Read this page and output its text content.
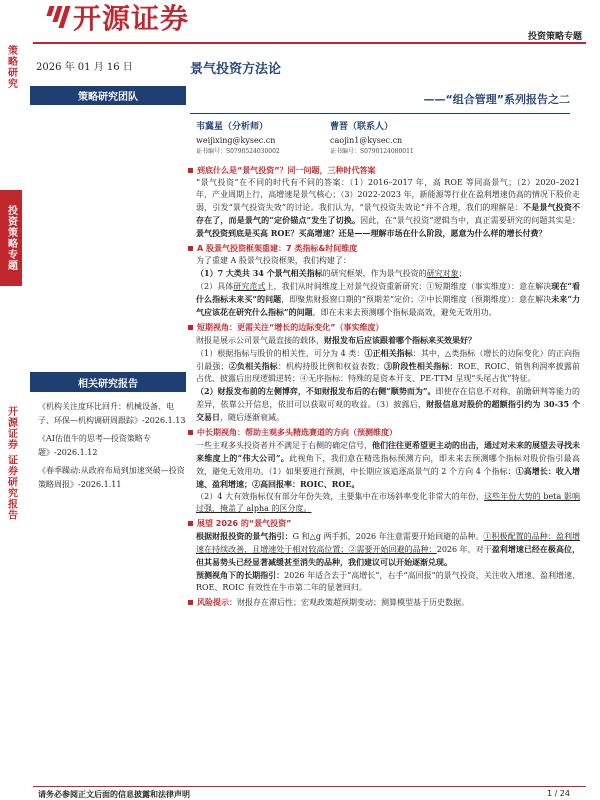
开源证券
投资策略专题
策略研究
投资策略专题
开源证券 证券研究报告
2026 年 01 月 16 日
策略研究团队
相关研究报告
《机构关注度环比回升：机械设备、电子、环保—机构调研周跟踪》-2026.1.13
《AI估值牛的思考—投资策略专题》-2026.1.12
《春季躁动:从政府布局到加速突破—投资策略周报》-2026.1.11
景气投资方法论
——“组合管理”系列报告之二
韦冀星（分析师）
weijixing@kysec.cn
证书编号：S0790524030002
曹晋（联系人）
caojin1@kysec.cn
证书编号：S0790124080011
到底什么是“景气投资”？同一问题，三种时代答案
“景气投资”在不同的时代有不同的答案：（1）2016–2017 年，高 ROE 等同高景气；（2）2020–2021 年，产业周期上行，高增速是景气核心；（3）2022-2023 年，新能源等行业在盈利增速仍高的情况下股价走弱，引发“景气投资失效”的讨论。我们认为，“景气投资失效论”并不合理，我们的理解是：不是景气投资不存在了，而是景气的“定价锚点”发生了切换。因此，在“景气投资”逻辑当中，真正需要研究的问题其实是：景气投资到底是买高 ROE？买高增速？还是——理解市场在什么阶段，愿意为什么样的增长付费？
A 股景气投资框架重建：7 类指标&时间维度
为了重建 A 股景气投资框架，我们构建了：
（1）7 大类共 34 个景气相关指标的研究框架，作为景气投资的研究对象；
（2）具体研究范式上，我们从时间维度上对景气投资重新研究：①短期维度（事实维度）：意在解决现在“看什么指标未来买”的问题，即聚焦财报窗口期的“预期差”定价；②中长期维度（预期维度）：意在解决未来“力气应该花在研究什么指标”的问题，即在未来去预测哪个指标最高效，避免无效用功。
短期视角：更需关注“增长的边际变化”（事实维度）
财报是展示公司景气最直接的载体，财报发布后应该跟着哪个指标来买效果好？
（1）根据指标与股价的相关性，可分为 4 类：①正相关指标：其中，△类指标（增长的边际变化）的正向指引最强；②负相关指标：机构持股比例和权益表数；③阶段性相关指标：ROE、ROIC、销售利润率披露前占优、披露后出现逻辑逆转；④无序指标：特殊的是资本开支、PE-TTM 呈现“头尾占优”特征。
（2）财报发布前的左侧博弈，不如财报发布后的右侧“顺势而为”。即使存在信息不对称，前瞻研判等能力的差异，依靠公开信息，依旧可以获取可观的收益。（3）披露后，财报信息对股价的超额指引约为 30-35 个交易日，随后逐渐衰减。
中长期视角：帮助主观多头精选赛道的方向（预测维度）
一些主观多头投资者并不满足于右侧的确定信号，他们往往更希望更主动的出击，通过对未来的展望去寻找未来维度上的“伟大公司”。此视角下，我们意在精选指标预测方向，即未来去预测哪个指标对股价指引最高效，避免无效用功。（1）如果要进行预测，中长期应该追逐高景气的 2 个方向 4 个指标：①高增长：收入增速、盈利增速；②高回报率：ROIC、ROE。
（2）4 大有效指标仅有部分年份失效，主要集中在市场斜率变化非常大的年份，这些年份大势的 beta 影响过强，掩盖了 alpha 的区分度。
展望 2026 的“景气投资”
根据财报投资的景气指引：G 和△g 两手抓，2026 年注意需要开始回避的品种。①积极配置的品种：盈利增速在持续改善，且增速处于相对较高位置；②需要开始回避的品种：2026 年，对于盈利增速已经在极高位，但其易势头已经显著减缓甚至消失的品种，我们建议可以开始逐渐兑现。
预测视角下的长期指引：2026 年适合去于“高增长”，右手“高回报”的景气投资，关注收入增速、盈利增速、ROE、ROIC 有效性在牛市第二年的显著回归。
风险提示： 财报存在滞后性；宏观政策超预期变动；测算模型基于历史数据。
请务必参阅正文后面的信息披露和法律声明	1 / 24
